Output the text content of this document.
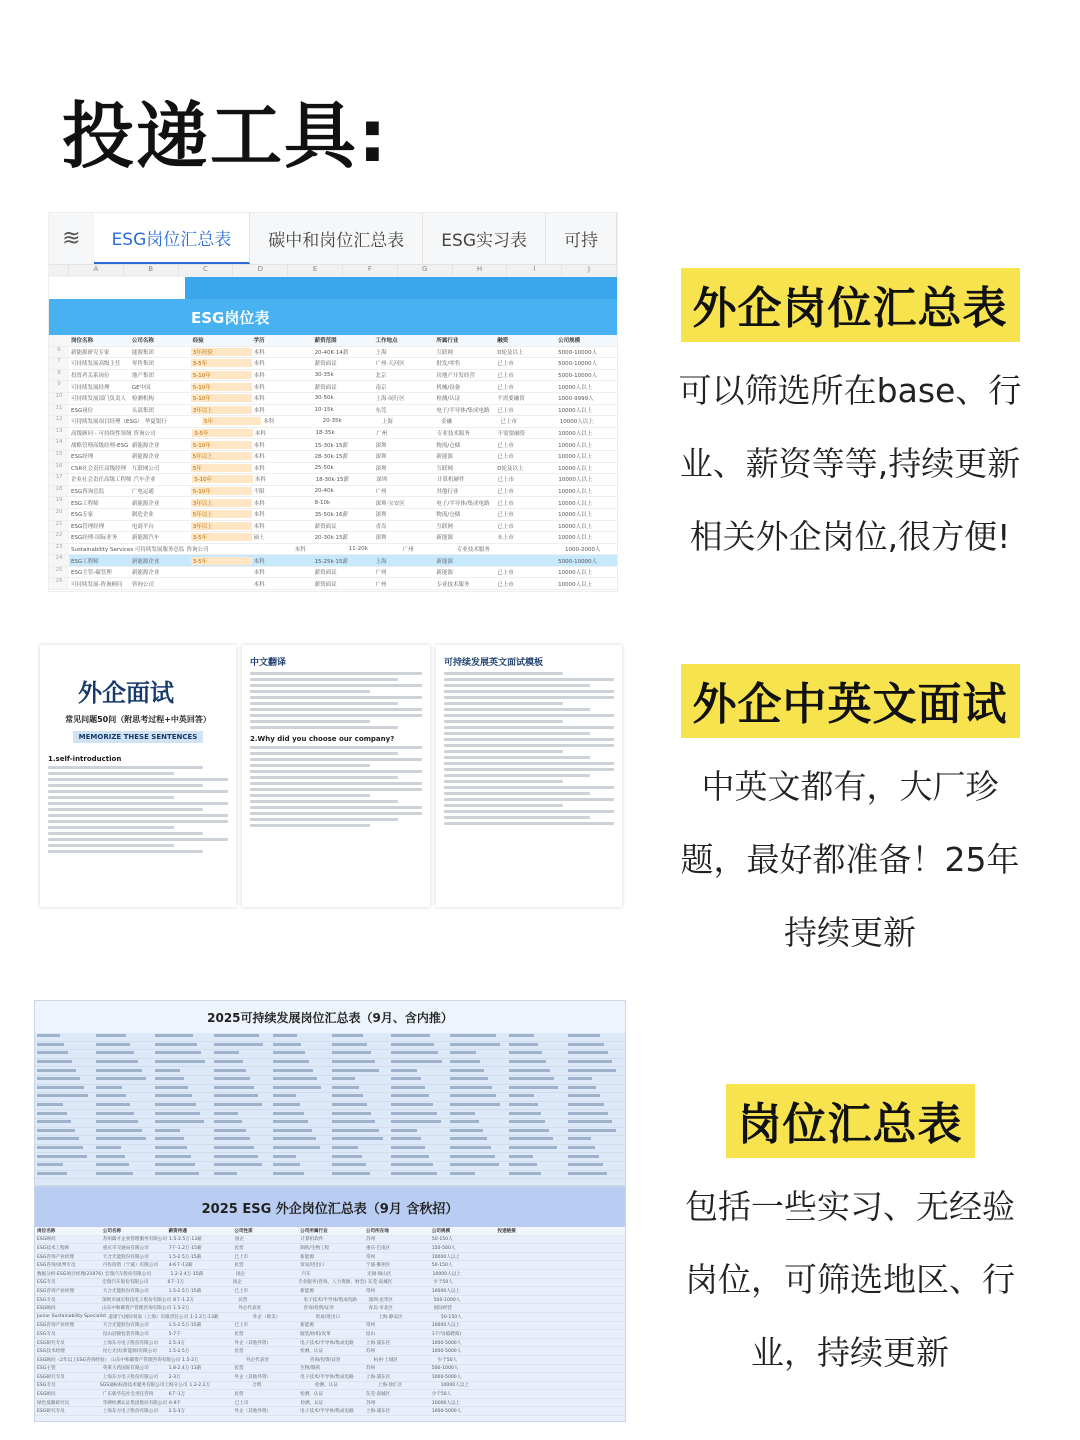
投递工具:
≋	ESG岗位汇总表	碳中和岗位汇总表	ESG实习表	可持
A	B	C	D	E	F	G	H	I	J
ESG岗位表
岗位名称	公司名称	经验	学历	薪资范围	工作地点	所属行业	融资	公司规模
6
新能源研究专家	能源集团	3年经验	本科	20-40K·14薪	上海	互联网	D轮及以上	5000-10000人
7
可持续发展高级主任	零售集团	3-5年	本科	薪资面议	广州·天河区	批发/零售	已上市	5000-10000人
8
投资者关系岗位	地产集团	5-10年	本科	30-35k	北京	房地产开发经营	已上市	5000-10000人
9
可持续发展经理	GE中国	5-10年	本科	薪资面议	南京	机械/设备	已上市	10000人以上
10
可持续发展部门负责人	检测机构	5-10年	本科	30-50k	上海·闵行区	检测/认证	不需要融资	1000-9999人
11
ESG岗位	头部集团	3年以上	本科	10-15k	东莞	电子/半导体/集成电路	已上市	10000人以上
12
可持续发展项目经理（ESG） 华夏银行	5年	本科	20-35k	上海	金融	已上市	10000人以上
13
高级顾问 - 可持续性领域 咨询公司	3-5年	本科	18-35k	广州	专业技术服务	不需要融资	10000人以上
14
战略管理高级经理-ESG 新能源企业	5-10年	本科	15-30k·15薪	深圳	物流/仓储	已上市	10000人以上
15
ESG经理	新能源企业	5年以上	本科	28-30k·15薪	深圳	新能源	已上市	10000人以上
16
CSR社会责任高级经理	互联网公司	5年	本科	25-50k	深圳	互联网	D轮及以上	10000人以上
17
企业社会责任高级工程师 汽车企业	5-10年	本科	18-30k·15薪	深圳	计算机硬件	已上市	10000人以上
18
ESG咨询总监	广电运通	5-10年	不限	20-40k	广州	其他行业	已上市	10000人以上
19
ESG工程师	新能源企业	3年以上	本科	8-10k	深圳·宝安区	电子/半导体/集成电路	已上市	10000人以上
20
ESG专家	制造企业	5年以上	本科	35-50k·16薪	深圳	物流/仓储	已上市	10000人以上
21
ESG管理经理	电商平台	3年以上	本科	薪资面议	青岛	互联网	已上市	10000人以上
22
ESG经理-国际业务	新能源汽车	3-5年	硕士	20-30k·15薪	深圳	新能源	未上市	10000人以上
23
Sustainability Services 可持续发展服务总监 咨询公司	本科	11-20k	广州	专业技术服务	1000-2000人
24
ESG工程师	新能源企业	3-5年	本科	15-25k·15薪	上海	新能源	5000-10000人
25
ESG主管-碳管理	新能源企业	本科	薪资面议	广州	新能源	已上市	10000人以上
26
可持续发展-咨询顾问	咨询公司	本科	薪资面议	广州	专业技术服务	已上市	10000人以上
外企岗位汇总表
可以筛选所在base、行
业、薪资等等,持续更新
相关外企岗位,很方便!
外企面试
常见问题50问（附思考过程+中英回答）
MEMORIZE THESE SENTENCES
1.self-introduction
中文翻译
2.Why did you choose our company?
可持续发展英文面试模板
外企中英文面试
中英文都有，大厂珍
题，最好都准备！25年
持续更新
2025可持续发展岗位汇总表（9月、含内推）
2025 ESG 外企岗位汇总表（9月 含秋招）
岗位名称	公司名称	薪资待遇	公司性质	公司所属行业	公司所在地	公司规模	投递链接
ESG顾问	苏州碳才企业管理服务有限公司 1.5-2.5万·13薪	国企	计算机软件	苏州	50-150人
ESG技术工程师	重庆市交通局有限公司	7千-1.2万·15薪	民营	制药/生物工程	重庆·巴南区	150-500人
ESG咨询产业经理	天合光能股份有限公司	1.5-2.5万·15薪	已上市	新能源	常州	10000人以上
ESG咨询/谈判专员	丹佐投资（宁波）有限公司	4-6千·13薪	民营	贸易/进出口	宁波·鄞州区	50-150人
数据分析-ESG项目经理(21976) 宏瑞汽车股份有限公司	1.2-2.4万·15薪	国企	汽车	无锡·锡山区	10000人以上
ESG专员	宏瑞汽车股份有限公司	6千-1万	国企	专业服务(咨询、人力资源、财会) 东莞·南城区	少于50人
ESG咨询产业经理	天合光能股份有限公司	1.5-2.5万·15薪	已上市	新能源	常州	10000人以上
ESG专员	深圳市诚实科技电子股份有限公司 8千-1.2万	民营	电子技术/半导体/集成电路	深圳·龙华区	500-1000人
ESG顾问	山东中和碳资产管理咨询有限公司 1.5-2万	外企代表处	咨询/投资/证券	青岛·市北区	国际经营
Junior Sustainability Specialist 道康宁(国际贸易（上海）有限责任公司 1-1.2万·13薪	外企（欧美）	贸易/进出口	上海·静安区	50-150人
ESG咨询产业经理	天合光能股份有限公司	1.5-2.5万·15薪	已上市	新能源	常州	10000人以上
ESG专员	昆山冠锦包装有限公司	5-7千	民营	服装/纺织/皮革	昆山	1千内(临聘商)
ESG研究专员	上海东方电子股份有限公司	2.5-3万	外企（其他外资）	电子技术/半导体/集成电路	上海·浦东区	1000-5000人
ESG技术经理	昆仑光伏(新能源)有限公司	1.5-2.5万	民营	检测、认证	苏州	1000-5000人
ESG顾问（2年以上ESG咨询经验） 山东中和碳资产管理咨询有限公司 1.5-2万	外企代表处	咨询/投资/证券	杭州·上城区	少于50人
ESG主管	英莱大药国际有限公司	1.8-2.4万·13薪	民营	生物/制药	苏州	500-1000人
ESG研究专员	上海东方电子股份有限公司	2-3万	外企（其他外资）	电子技术/半导体/集成电路	上海·浦东区	1000-5000人
ESG专员	SGS通标标准技术服务有限公司上海分公司 1.2-2.2万	合资	检测、认证	上海·徐汇区	10000人以上
ESG顾问	广东新华信社会责任咨询	6千-1万	民营	检测、认证	东莞·南城区	少于50人
绿色低碳研究员	华测检测认证集团股份有限公司 6-9千	已上市	检测、认证	苏州	10000人以上
ESG研究专员	上海东方电子股份有限公司	2.5-3万	外企（其他外资）	电子技术/半导体/集成电路	上海·浦东区	1000-5000人
岗位汇总表
包括一些实习、无经验
岗位，可筛选地区、行
业，持续更新
